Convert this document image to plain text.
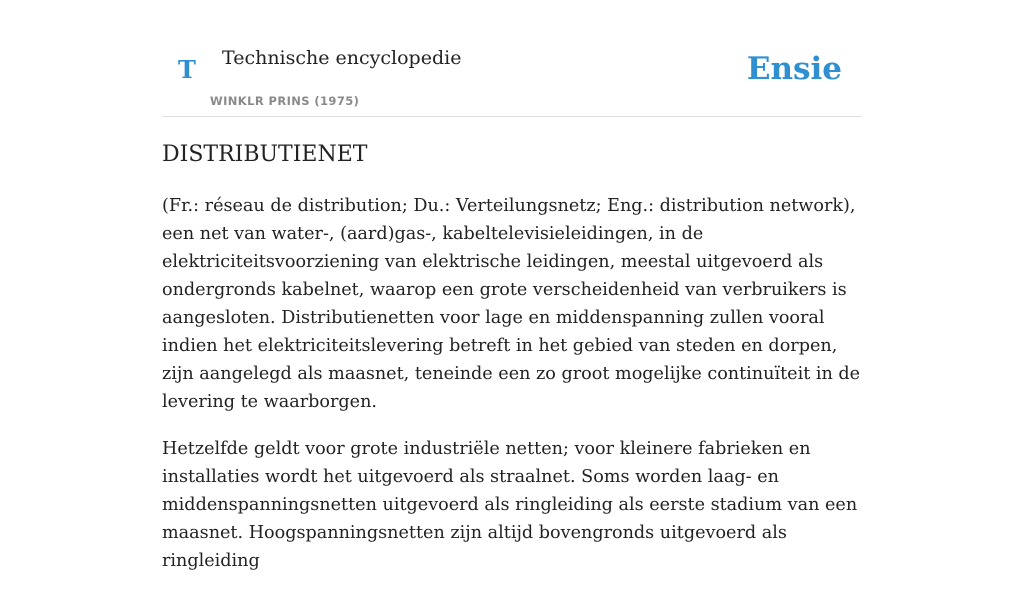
T Technische encyclopedie
WINKLR PRINS (1975)
Ensie
DISTRIBUTIENET

(Fr.: réseau de distribution; Du.: Verteilungsnetz; Eng.: distribution network), een net van water-, (aard)gas-, kabeltelevisieleidingen, in de elektriciteitsvoorziening van elektrische leidingen, meestal uitgevoerd als ondergronds kabelnet, waarop een grote verscheidenheid van verbruikers is aangesloten. Distributienetten voor lage en middenspanning zullen vooral indien het elektriciteitslevering betreft in het gebied van steden en dorpen, zijn aangelegd als maasnet, teneinde een zo groot mogelijke continuïteit in de levering te waarborgen.

Hetzelfde geldt voor grote industriële netten; voor kleinere fabrieken en installaties wordt het uitgevoerd als straalnet. Soms worden laag- en middenspanningsnetten uitgevoerd als ringleiding als eerste stadium van een maasnet. Hoogspanningsnetten zijn altijd bovengronds uitgevoerd als ringleiding
